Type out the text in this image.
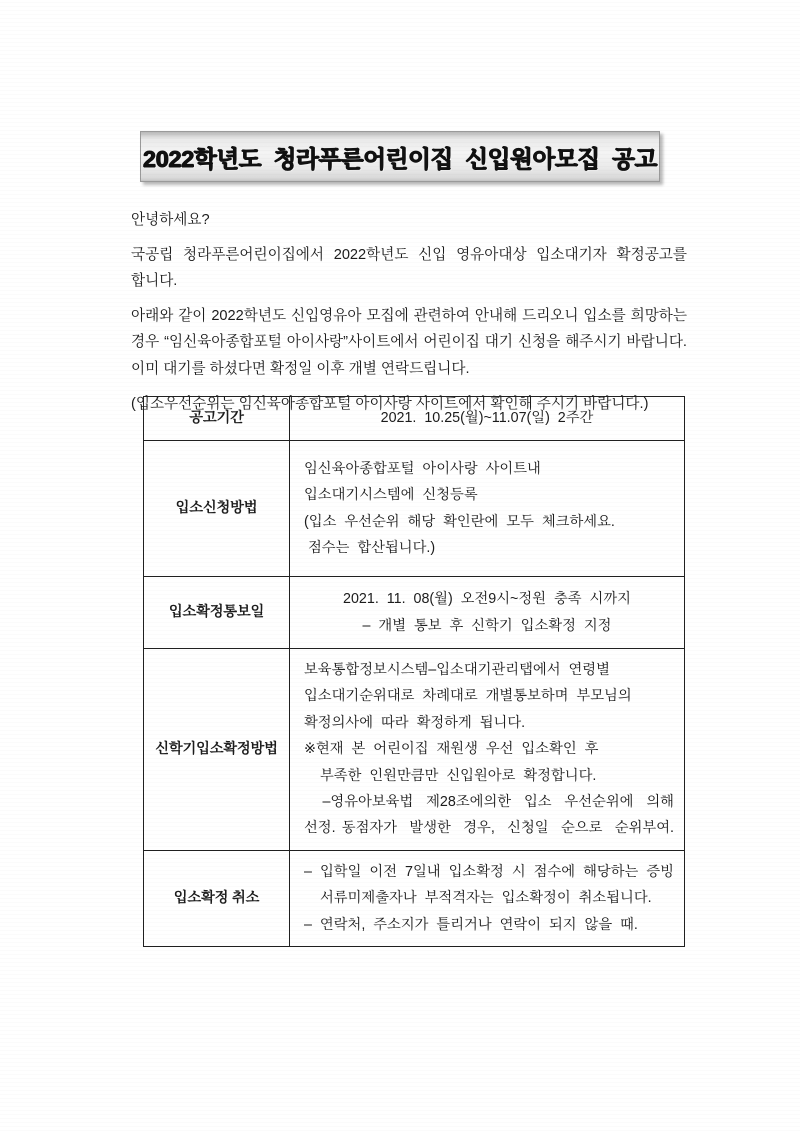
2022학년도  청라푸른어린이집  신입원아모집  공고

안녕하세요?

국공립 청라푸른어린이집에서 2022학년도 신입 영유아대상 입소대기자 확정공고를 합니다.

아래와 같이 2022학년도 신입영유아 모집에 관련하여 안내해 드리오니 입소를 희망하는 경우 “임신육아종합포털 아이사랑”사이트에서 어린이집 대기 신청을 해주시기 바랍니다. 이미 대기를 하셨다면 확정일 이후 개별 연락드립니다.

(입소우선순위는 임신육아종합포털 아이사랑 사이트에서 확인해 주시기 바랍니다.)

공고기간	2021.  10.25(월)~11.07(일)  2주간

입소신청방법	임신육아종합포털  아이사랑  사이트내
입소대기시스템에  신청등록
(입소  우선순위  해당  확인란에  모두  체크하세요.
점수는  합산됩니다.)

입소확정통보일	2021.  11.  08(월)  오전9시~정원  충족  시까지
–  개별  통보  후  신학기  입소확정  지정

신학기입소확정방법	
보육통합정보시스템–입소대기관리탭에서  연령별
입소대기순위대로  차례대로  개별통보하며  부모님의
확정의사에  따라  확정하게  됩니다.
※현재  본  어린이집  재원생  우선  입소확인  후
부족한  인원만큼만  신입원아로  확정합니다.
–영유아보육법  제28조에의한  입소  우선순위에  의해
선정. 동점자가  발생한  경우,  신청일  순으로  순위부여.

입소확정 취소	–  입학일  이전  7일내  입소확정  시  점수에  해당하는  증빙
서류미제출자나  부적격자는  입소확정이  취소됩니다.
–  연락처,  주소지가  틀리거나  연락이  되지  않을  때.
